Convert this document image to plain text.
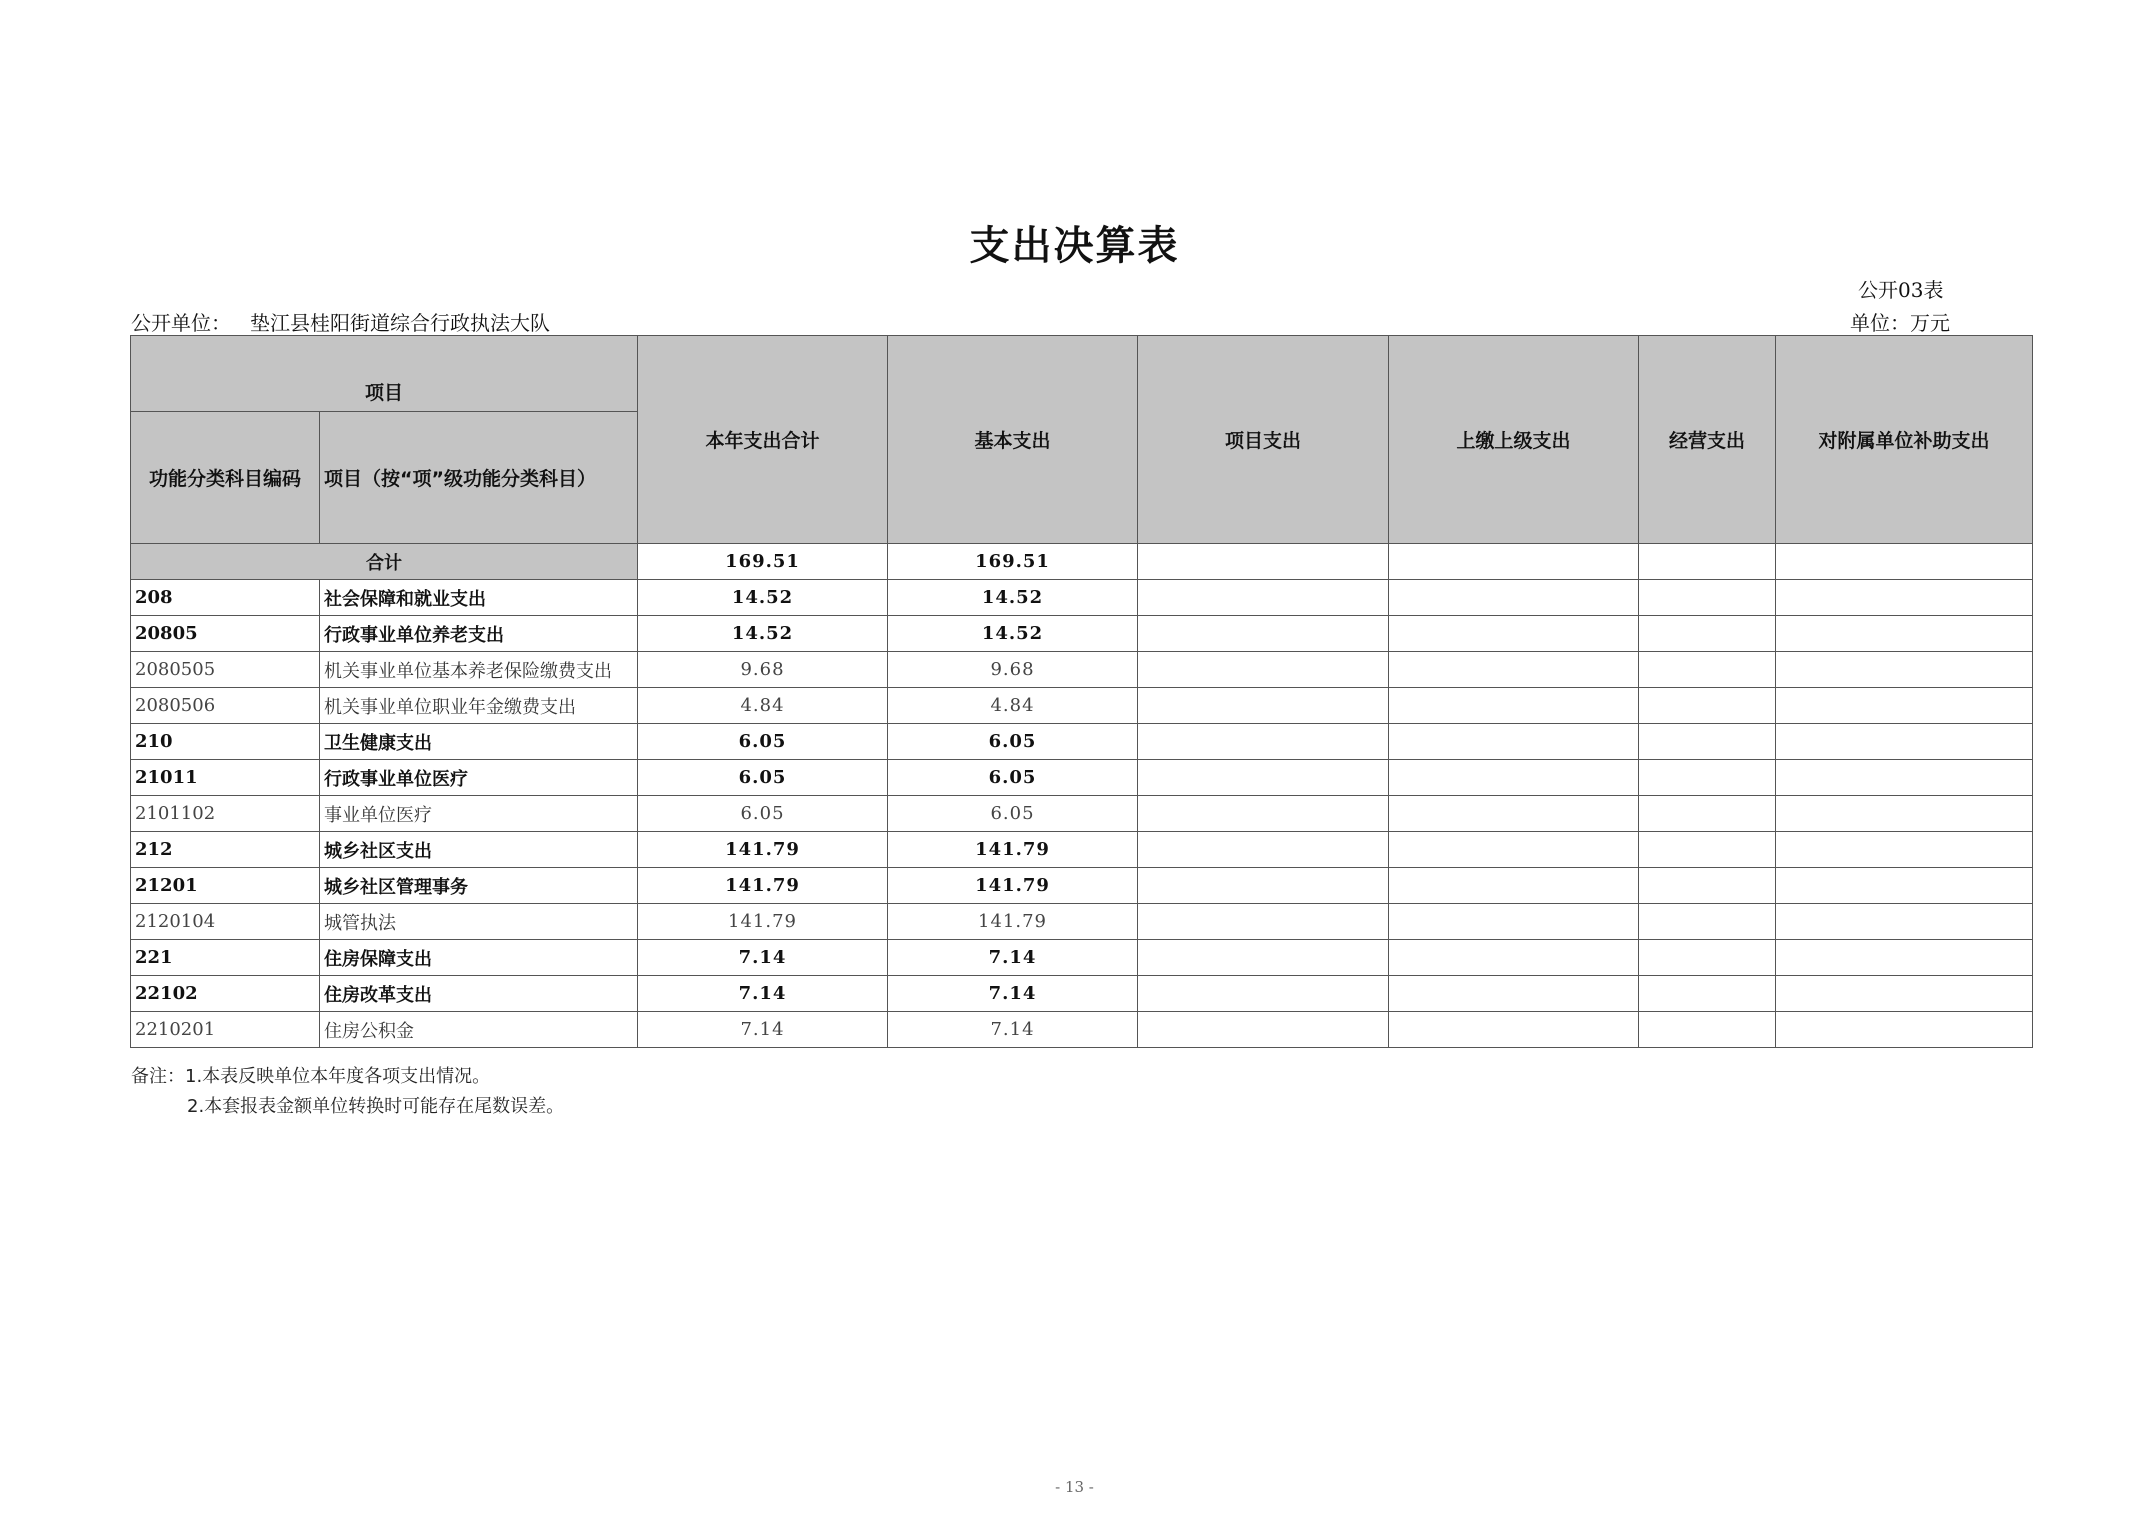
支出决算表
公开03表
公开单位： 垫江县桂阳街道综合行政执法大队	单位：万元
项目		本年支出合计	基本支出	项目支出	上缴上级支出	经营支出	对附属单位补助支出
功能分类科目编码	项目（按“项”级功能分类科目）						
合计		169.51	169.51				
208	社会保障和就业支出	14.52	14.52				
20805	行政事业单位养老支出	14.52	14.52				
2080505	机关事业单位基本养老保险缴费支出	9.68	9.68				
2080506	机关事业单位职业年金缴费支出	4.84	4.84				
210	卫生健康支出	6.05	6.05				
21011	行政事业单位医疗	6.05	6.05				
2101102	事业单位医疗	6.05	6.05				
212	城乡社区支出	141.79	141.79				
21201	城乡社区管理事务	141.79	141.79				
2120104	城管执法	141.79	141.79				
221	住房保障支出	7.14	7.14				
22102	住房改革支出	7.14	7.14				
2210201	住房公积金	7.14	7.14				
备注：1.本表反映单位本年度各项支出情况。
2.本套报表金额单位转换时可能存在尾数误差。
- 13 -
